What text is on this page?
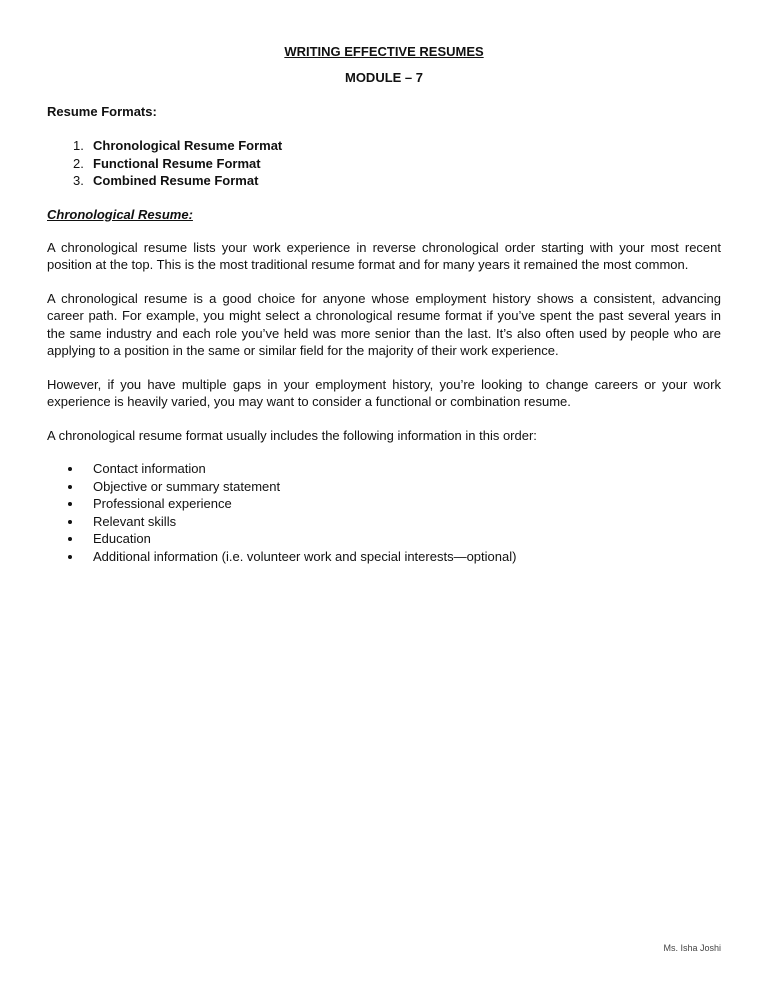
WRITING EFFECTIVE RESUMES
MODULE – 7
Resume Formats:
1. Chronological Resume Format
2. Functional Resume Format
3. Combined Resume Format
Chronological Resume:

A chronological resume lists your work experience in reverse chronological order starting with your most recent position at the top. This is the most traditional resume format and for many years it remained the most common.

A chronological resume is a good choice for anyone whose employment history shows a consistent, advancing career path. For example, you might select a chronological resume format if you’ve spent the past several years in the same industry and each role you’ve held was more senior than the last. It’s also often used by people who are applying to a position in the same or similar field for the majority of their work experience.

However, if you have multiple gaps in your employment history, you’re looking to change careers or your work experience is heavily varied, you may want to consider a functional or combination resume.

A chronological resume format usually includes the following information in this order:

Contact information
Objective or summary statement
Professional experience
Relevant skills
Education
Additional information (i.e. volunteer work and special interests—optional)
Ms. Isha Joshi
